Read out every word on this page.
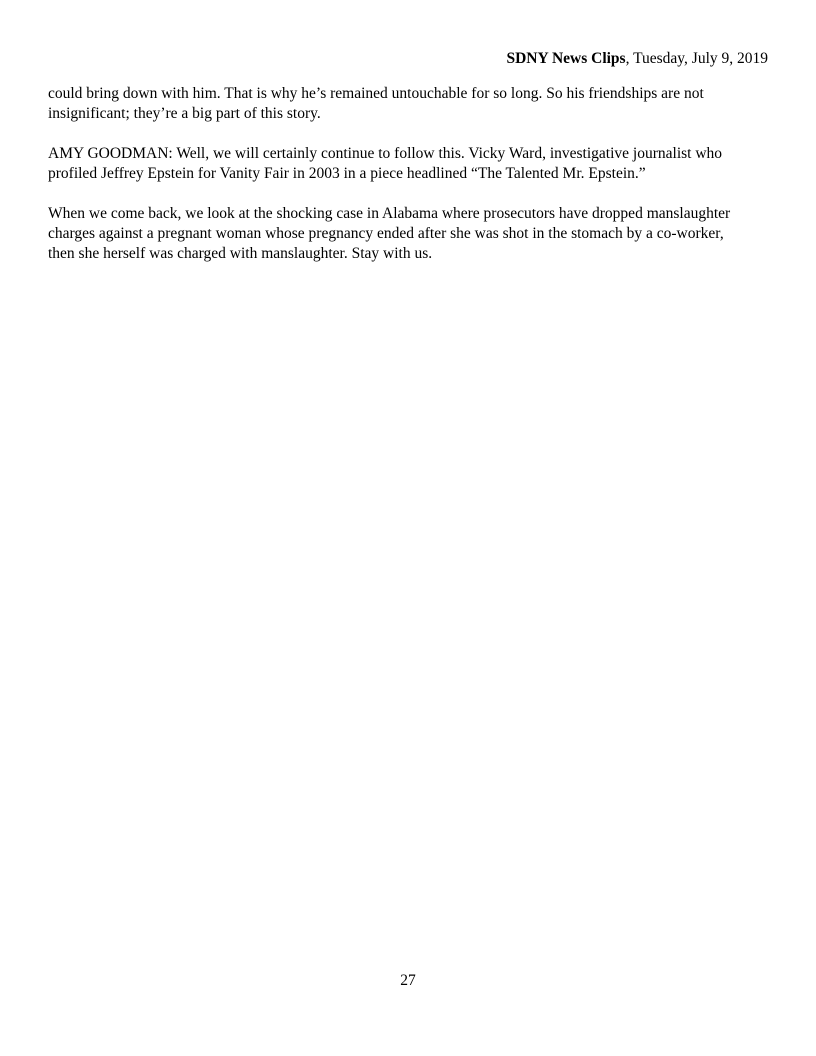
SDNY News Clips, Tuesday, July 9, 2019

could bring down with him. That is why he’s remained untouchable for so long. So his friendships are not
insignificant; they’re a big part of this story.

AMY GOODMAN: Well, we will certainly continue to follow this. Vicky Ward, investigative journalist who
profiled Jeffrey Epstein for Vanity Fair in 2003 in a piece headlined “The Talented Mr. Epstein.”

When we come back, we look at the shocking case in Alabama where prosecutors have dropped manslaughter
charges against a pregnant woman whose pregnancy ended after she was shot in the stomach by a co-worker,
then she herself was charged with manslaughter. Stay with us.

27
